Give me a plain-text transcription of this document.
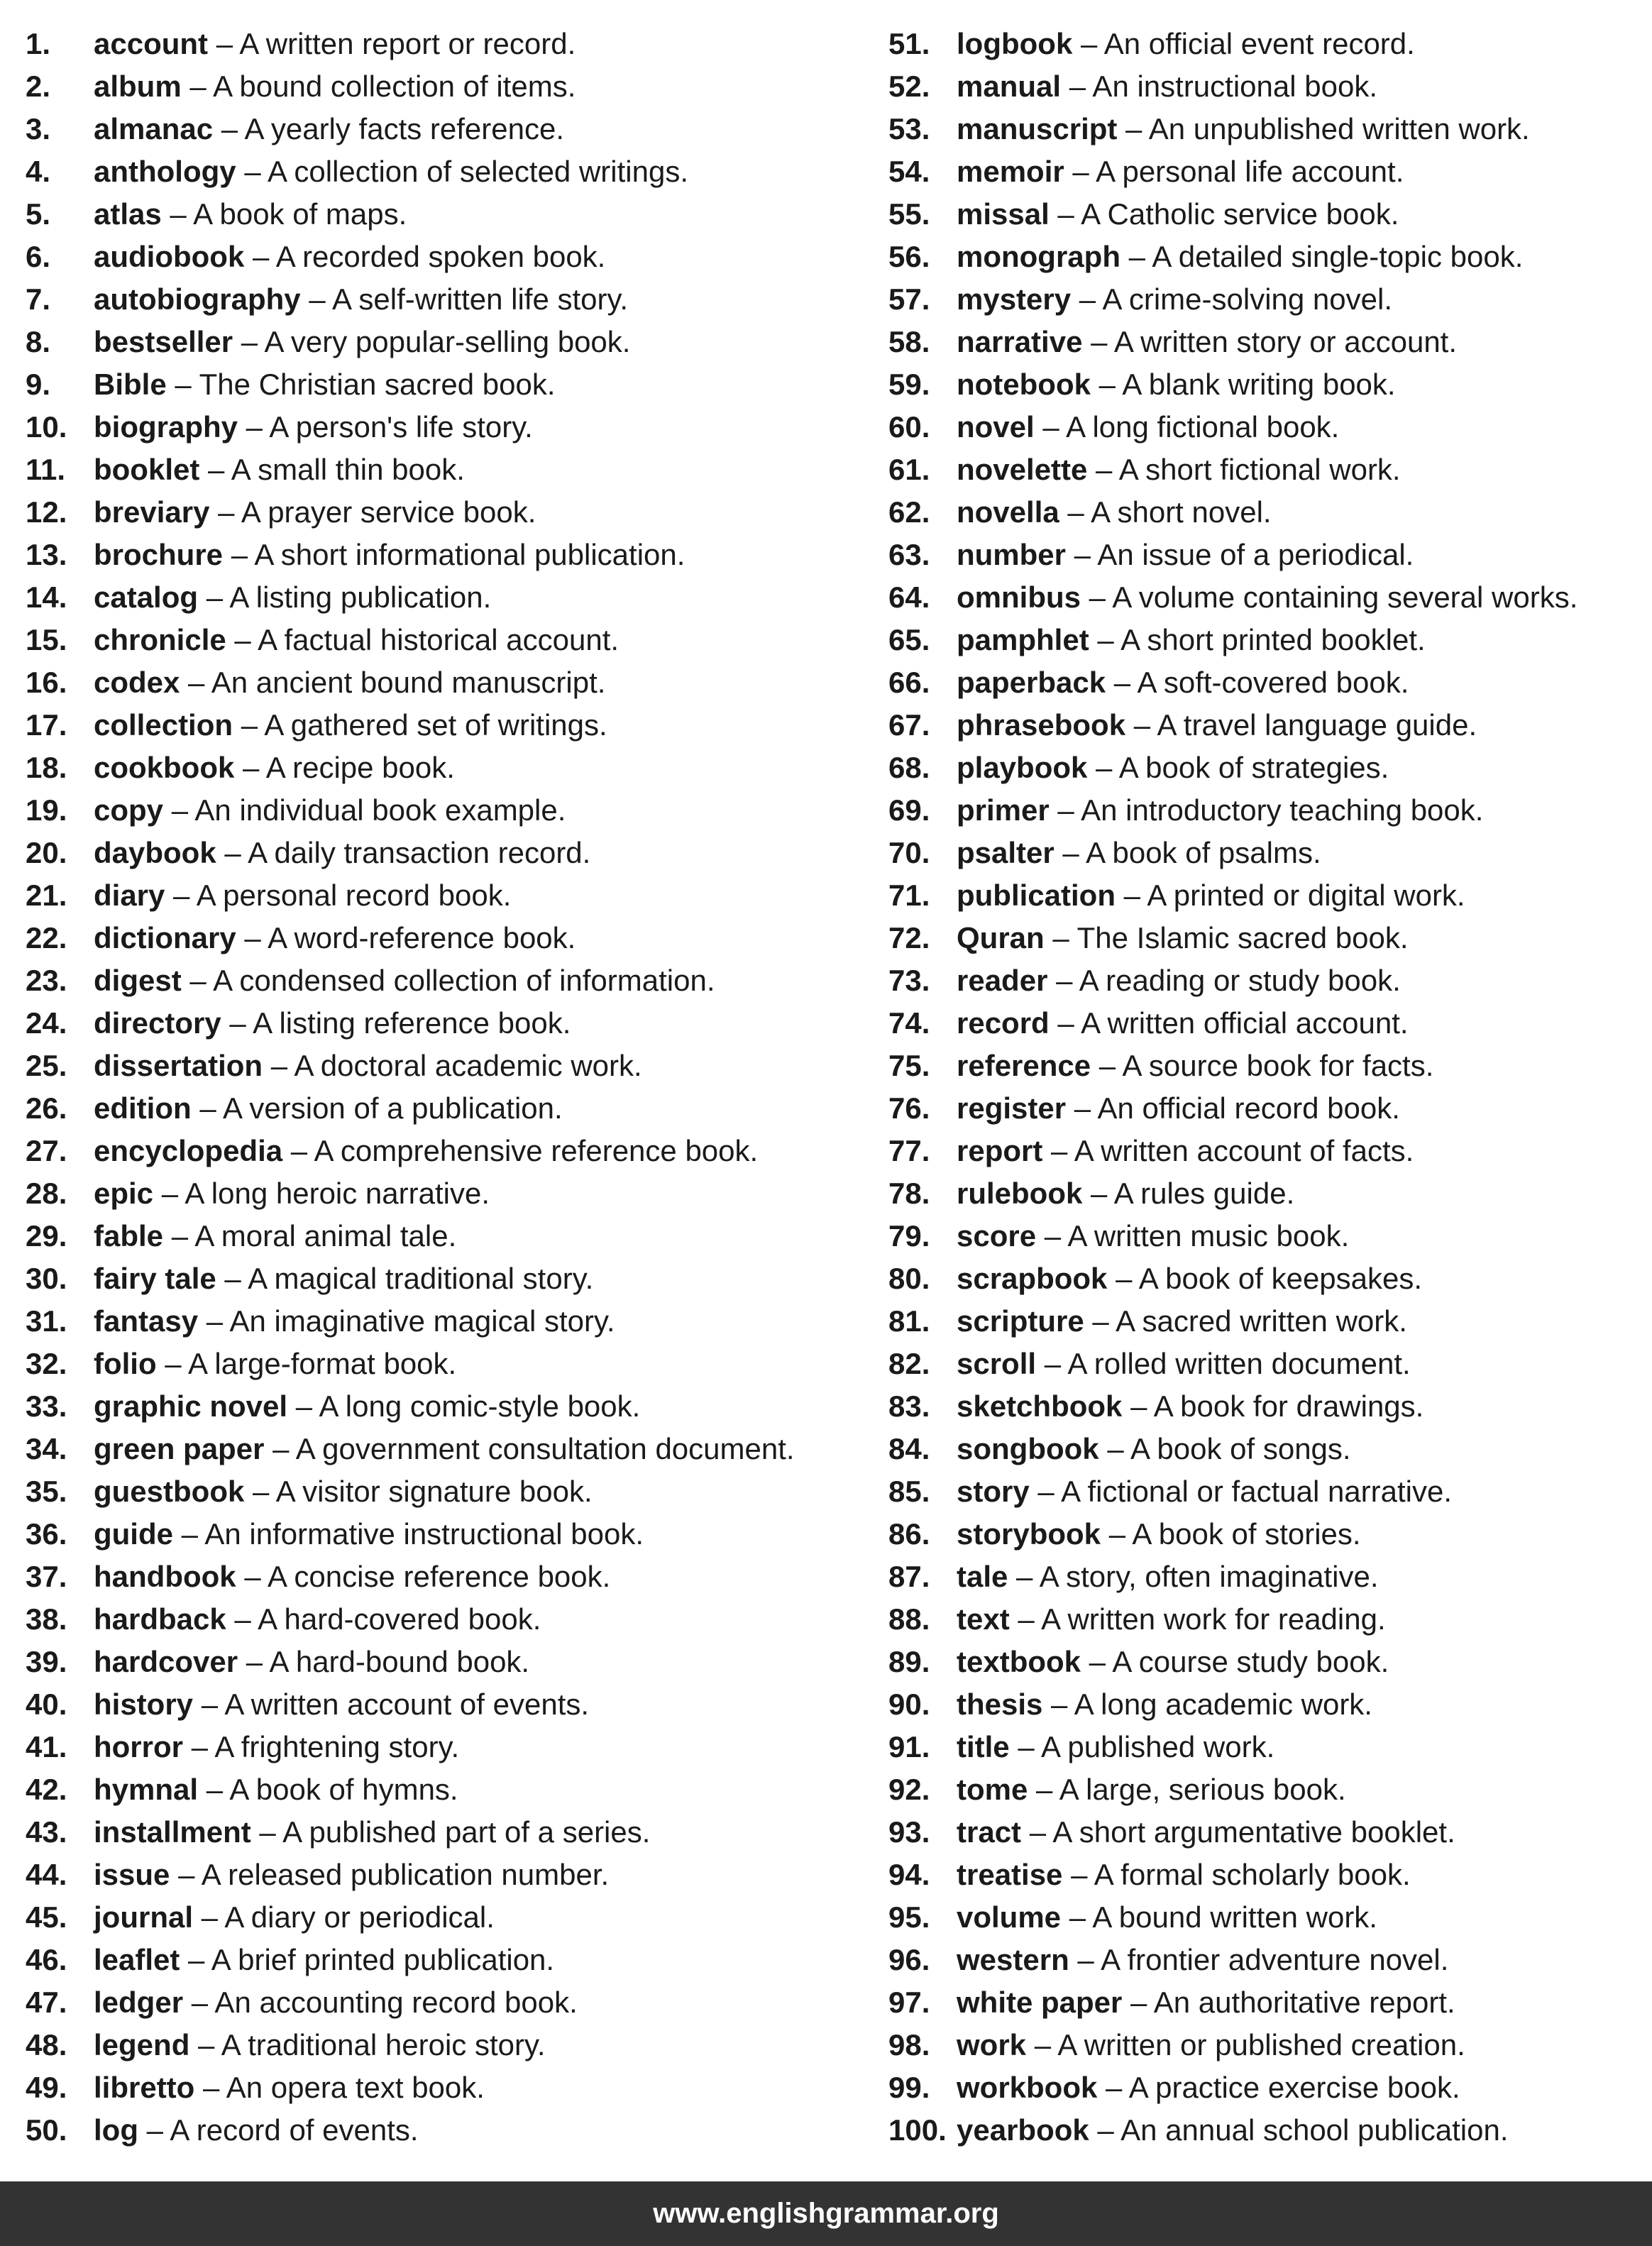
1. account – A written report or record.
2. album – A bound collection of items.
3. almanac – A yearly facts reference.
4. anthology – A collection of selected writings.
5. atlas – A book of maps.
6. audiobook – A recorded spoken book.
7. autobiography – A self-written life story.
8. bestseller – A very popular-selling book.
9. Bible – The Christian sacred book.
10. biography – A person's life story.
11. booklet – A small thin book.
12. breviary – A prayer service book.
13. brochure – A short informational publication.
14. catalog – A listing publication.
15. chronicle – A factual historical account.
16. codex – An ancient bound manuscript.
17. collection – A gathered set of writings.
18. cookbook – A recipe book.
19. copy – An individual book example.
20. daybook – A daily transaction record.
21. diary – A personal record book.
22. dictionary – A word-reference book.
23. digest – A condensed collection of information.
24. directory – A listing reference book.
25. dissertation – A doctoral academic work.
26. edition – A version of a publication.
27. encyclopedia – A comprehensive reference book.
28. epic – A long heroic narrative.
29. fable – A moral animal tale.
30. fairy tale – A magical traditional story.
31. fantasy – An imaginative magical story.
32. folio – A large-format book.
33. graphic novel – A long comic-style book.
34. green paper – A government consultation document.
35. guestbook – A visitor signature book.
36. guide – An informative instructional book.
37. handbook – A concise reference book.
38. hardback – A hard-covered book.
39. hardcover – A hard-bound book.
40. history – A written account of events.
41. horror – A frightening story.
42. hymnal – A book of hymns.
43. installment – A published part of a series.
44. issue – A released publication number.
45. journal – A diary or periodical.
46. leaflet – A brief printed publication.
47. ledger – An accounting record book.
48. legend – A traditional heroic story.
49. libretto – An opera text book.
50. log – A record of events.
51. logbook – An official event record.
52. manual – An instructional book.
53. manuscript – An unpublished written work.
54. memoir – A personal life account.
55. missal – A Catholic service book.
56. monograph – A detailed single-topic book.
57. mystery – A crime-solving novel.
58. narrative – A written story or account.
59. notebook – A blank writing book.
60. novel – A long fictional book.
61. novelette – A short fictional work.
62. novella – A short novel.
63. number – An issue of a periodical.
64. omnibus – A volume containing several works.
65. pamphlet – A short printed booklet.
66. paperback – A soft-covered book.
67. phrasebook – A travel language guide.
68. playbook – A book of strategies.
69. primer – An introductory teaching book.
70. psalter – A book of psalms.
71. publication – A printed or digital work.
72. Quran – The Islamic sacred book.
73. reader – A reading or study book.
74. record – A written official account.
75. reference – A source book for facts.
76. register – An official record book.
77. report – A written account of facts.
78. rulebook – A rules guide.
79. score – A written music book.
80. scrapbook – A book of keepsakes.
81. scripture – A sacred written work.
82. scroll – A rolled written document.
83. sketchbook – A book for drawings.
84. songbook – A book of songs.
85. story – A fictional or factual narrative.
86. storybook – A book of stories.
87. tale – A story, often imaginative.
88. text – A written work for reading.
89. textbook – A course study book.
90. thesis – A long academic work.
91. title – A published work.
92. tome – A large, serious book.
93. tract – A short argumentative booklet.
94. treatise – A formal scholarly book.
95. volume – A bound written work.
96. western – A frontier adventure novel.
97. white paper – An authoritative report.
98. work – A written or published creation.
99. workbook – A practice exercise book.
100. yearbook – An annual school publication.
www.englishgrammar.org
